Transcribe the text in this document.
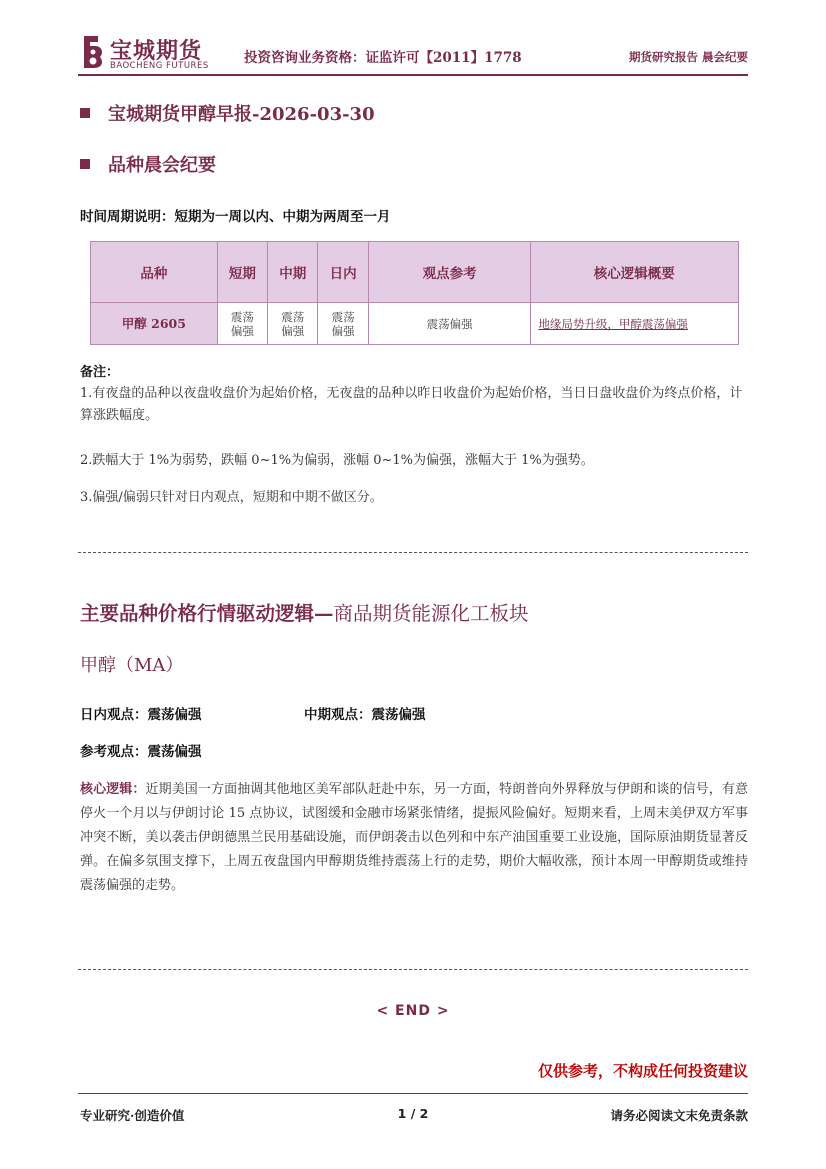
宝城期货
BAOCHENG FUTURES	投资咨询业务资格：证监许可【2011】1778	期货研究报告 晨会纪要
宝城期货甲醇早报-2026-03-30
品种晨会纪要
时间周期说明：短期为一周以内、中期为两周至一月
品种	短期	中期	日内	观点参考	核心逻辑概要
甲醇 2605	震荡偏强	震荡偏强	震荡偏强	震荡偏强	地缘局势升级，甲醇震荡偏强
备注：
1.有夜盘的品种以夜盘收盘价为起始价格，无夜盘的品种以昨日收盘价为起始价格，当日日盘收盘价为终点价格，计算涨跌幅度。
2.跌幅大于 1%为弱势，跌幅 0~1%为偏弱，涨幅 0~1%为偏强，涨幅大于 1%为强势。
3.偏强/偏弱只针对日内观点，短期和中期不做区分。
主要品种价格行情驱动逻辑—商品期货能源化工板块
甲醇（MA）
日内观点：震荡偏强	中期观点：震荡偏强
参考观点：震荡偏强
核心逻辑：近期美国一方面抽调其他地区美军部队赶赴中东，另一方面，特朗普向外界释放与伊朗和谈的信号，有意停火一个月以与伊朗讨论 15 点协议，试图缓和金融市场紧张情绪，提振风险偏好。短期来看，上周末美伊双方军事冲突不断，美以袭击伊朗德黑兰民用基础设施，而伊朗袭击以色列和中东产油国重要工业设施，国际原油期货显著反弹。在偏多氛围支撑下，上周五夜盘国内甲醇期货维持震荡上行的走势，期价大幅收涨，预计本周一甲醇期货或维持震荡偏强的走势。
< END >
仅供参考，不构成任何投资建议
专业研究·创造价值	1 / 2	请务必阅读文末免责条款
